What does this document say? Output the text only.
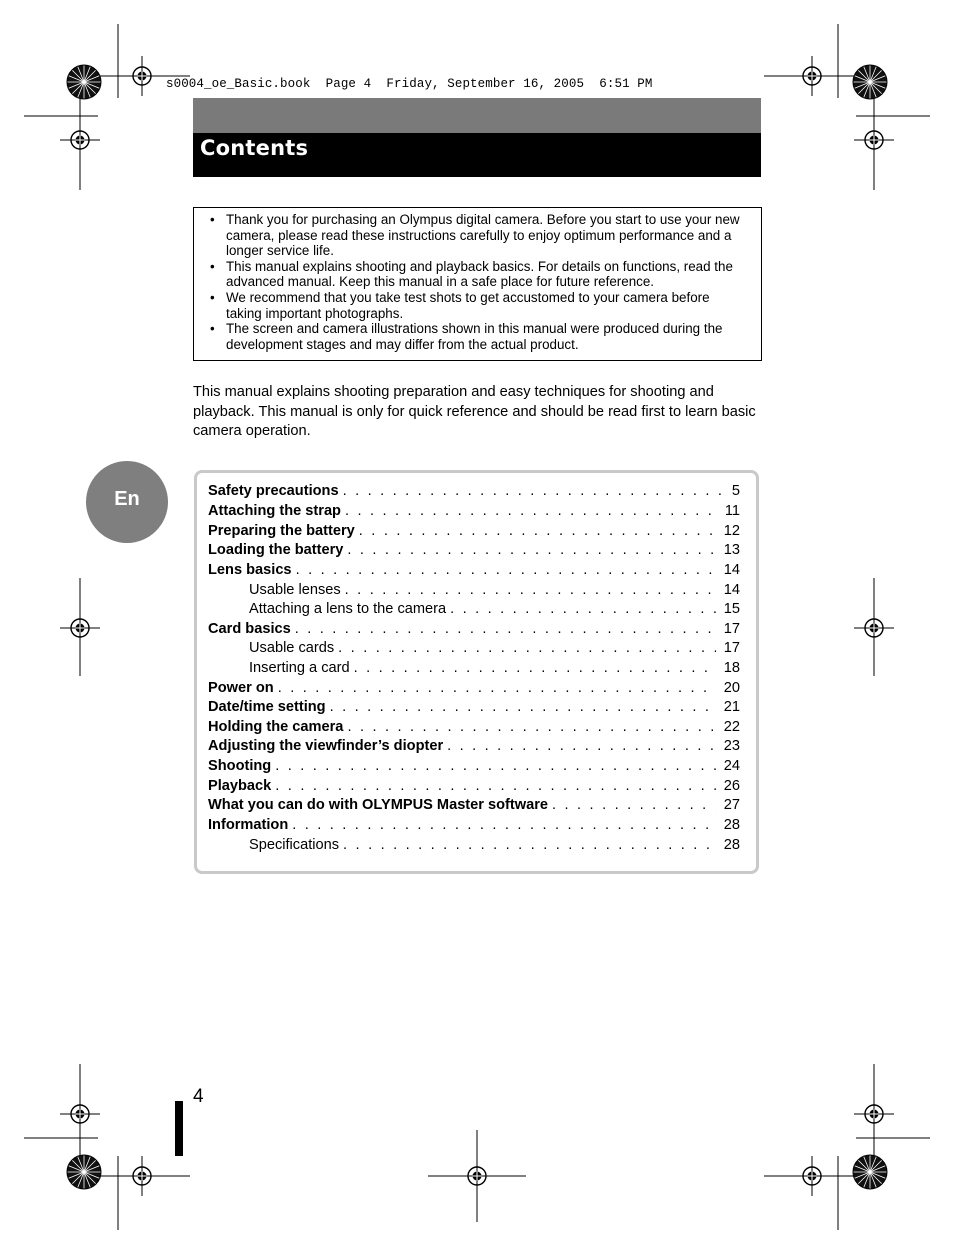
s0004_oe_Basic.book  Page 4  Friday, September 16, 2005  6:51 PM
Contents
• Thank you for purchasing an Olympus digital camera. Before you start to use your new camera, please read these instructions carefully to enjoy optimum performance and a longer service life.
• This manual explains shooting and playback basics. For details on functions, read the advanced manual. Keep this manual in a safe place for future reference.
• We recommend that you take test shots to get accustomed to your camera before taking important photographs.
• The screen and camera illustrations shown in this manual were produced during the development stages and may differ from the actual product.
This manual explains shooting preparation and easy techniques for shooting and playback. This manual is only for quick reference and should be read first to learn basic camera operation.
En	Safety precautions . . .	5
Attaching the strap . . .	11
Preparing the battery . . .	12
Loading the battery . . .	13
Lens basics . . .	14
Usable lenses . . .	14
Attaching a lens to the camera . . .	15
Card basics . . .	17
Usable cards . . .	17
Inserting a card . . .	18
Power on . . .	20
Date/time setting . . .	21
Holding the camera . . .	22
Adjusting the viewfinder’s diopter . . .	23
Shooting . . .	24
Playback . . .	26
What you can do with OLYMPUS Master software . . .	27
Information . . .	28
Specifications . . .	28
4
